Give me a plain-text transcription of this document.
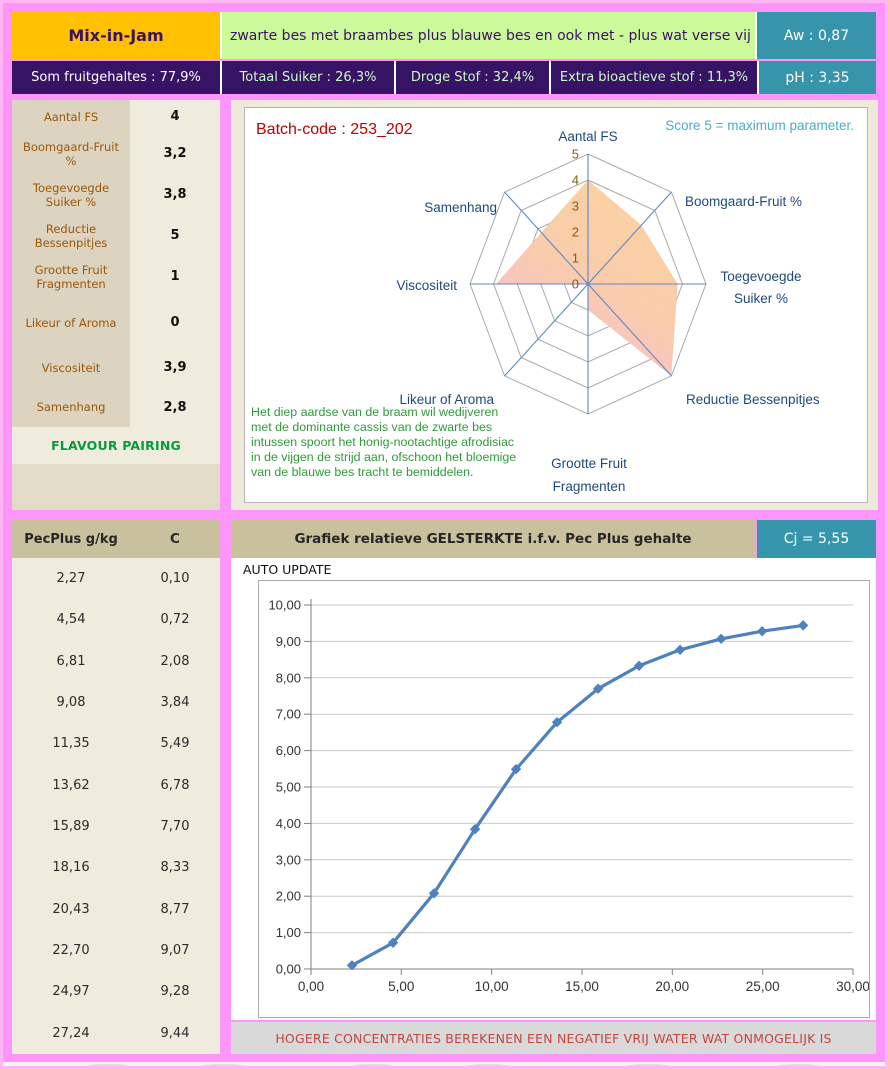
Mix-in-Jam	zwarte bes met braambes plus blauwe bes en ook met - plus wat verse vij	Aw : 0,87
Som fruitgehaltes : 77,9%	Totaal Suiker : 26,3%	Droge Stof : 32,4%	Extra bioactieve stof : 11,3%	pH : 3,35
Aantal FS	4
Boomgaard-Fruit %	3,2
Toegevoegde Suiker %	3,8
Reductie Bessenpitjes	5
Grootte Fruit Fragmenten	1
Likeur of Aroma	0
Viscositeit	3,9
Samenhang	2,8
FLAVOUR PAIRING
0
1
2
3
4
5
Aantal FS
Boomgaard-Fruit %
Toegevoegde
Suiker %
Reductie Bessenpitjes
Grootte Fruit
Fragmenten
Likeur of Aroma
Viscositeit
Samenhang
Batch-code : 253_202	Score 5 = maximum parameter.
Het diep aardse van de braam wil wedijveren
met de dominante cassis van de zwarte bes
intussen spoort het honig-nootachtige afrodisiac
in de vijgen de strijd aan, ofschoon het bloemige
van de blauwe bes tracht te bemiddelen.
PecPlus g/kg	C
2,27	0,10
4,54	0,72
6,81	2,08
9,08	3,84
11,35	5,49
13,62	6,78
15,89	7,70
18,16	8,33
20,43	8,77
22,70	9,07
24,97	9,28
27,24	9,44
Grafiek relatieve GELSTERKTE i.f.v. Pec Plus gehalte	Cj = 5,55
AUTO UPDATE
0,00
1,00
2,00
3,00
4,00
5,00
6,00
7,00
8,00
9,00
10,00
0,00	5,00	10,00	15,00	20,00	25,00	30,00
HOGERE CONCENTRATIES BEREKENEN EEN NEGATIEF VRIJ WATER WAT ONMOGELIJK IS
